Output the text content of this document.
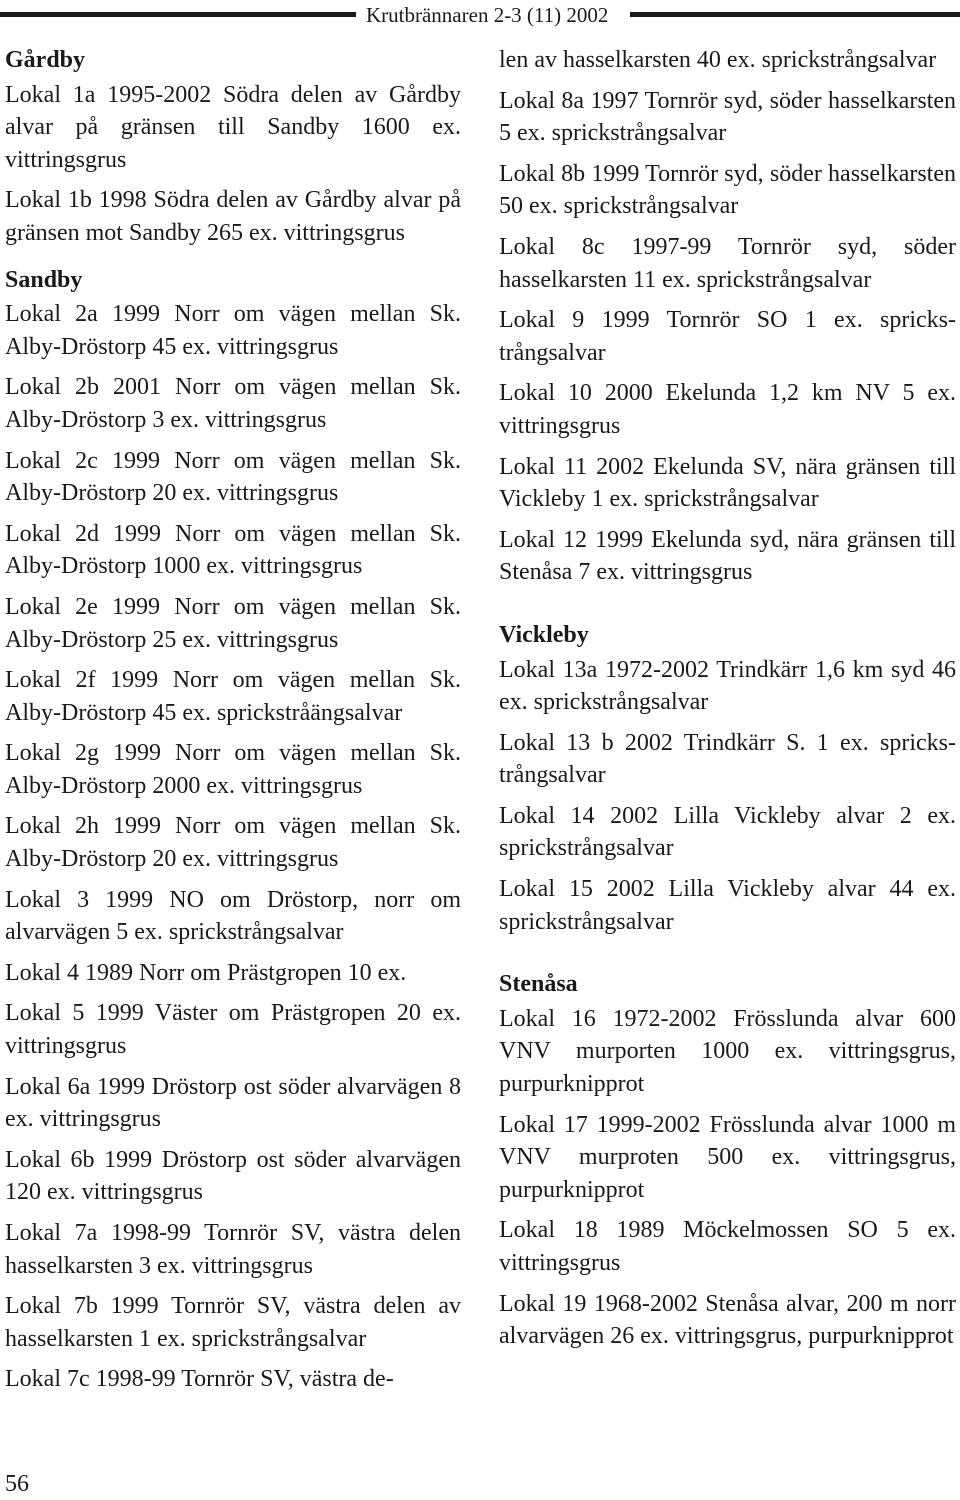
Krutbrännaren 2-3 (11) 2002
Gårdby

Lokal 1a 1995-2002 Södra delen av Gårdby alvar på gränsen till Sandby 1600 ex. vittringsgrus

Lokal 1b 1998 Södra delen av Gårdby alvar på gränsen mot Sandby 265 ex. vittringsgrus

Sandby

Lokal 2a 1999 Norr om vägen mellan Sk. Alby-Dröstorp 45 ex. vittringsgrus

Lokal 2b 2001 Norr om vägen mellan Sk. Alby-Dröstorp 3 ex. vittringsgrus

Lokal 2c 1999 Norr om vägen mellan Sk. Alby-Dröstorp 20 ex. vittringsgrus

Lokal 2d 1999 Norr om vägen mellan Sk. Alby-Dröstorp 1000 ex. vittringsgrus

Lokal 2e 1999 Norr om vägen mellan Sk. Alby-Dröstorp 25 ex. vittringsgrus

Lokal 2f 1999 Norr om vägen mellan Sk. Alby-Dröstorp 45 ex. sprickstråängsalvar

Lokal 2g 1999 Norr om vägen mellan Sk. Alby-Dröstorp 2000 ex. vittringsgrus

Lokal 2h 1999 Norr om vägen mellan Sk. Alby-Dröstorp 20 ex. vittringsgrus

Lokal 3 1999 NO om Dröstorp, norr om alvarvägen 5 ex. sprickstrångsalvar

Lokal 4 1989 Norr om Prästgropen 10 ex.

Lokal 5 1999 Väster om Prästgropen 20 ex. vittringsgrus

Lokal 6a 1999 Dröstorp ost söder alvarvägen 8 ex. vittringsgrus

Lokal 6b 1999 Dröstorp ost söder alvarvägen 120 ex. vittringsgrus

Lokal 7a 1998-99 Tornrör SV, västra delen hasselkarsten 3 ex. vittringsgrus

Lokal 7b 1999 Tornrör SV, västra delen av hasselkarsten 1 ex. sprickstrångsalvar

Lokal 7c 1998-99 Tornrör SV, västra de-

len av hasselkarsten 40 ex. sprickstrångsalvar

Lokal 8a 1997 Tornrör syd, söder hasselkarsten 5 ex. sprickstrångsalvar

Lokal 8b 1999 Tornrör syd, söder hasselkarsten 50 ex. sprickstrångsalvar

Lokal 8c 1997-99 Tornrör syd, söder hasselkarsten 11 ex. sprickstrångsalvar

Lokal 9 1999 Tornrör SO 1 ex. sprickstrångsalvar

Lokal 10 2000 Ekelunda 1,2 km NV 5 ex. vittringsgrus

Lokal 11 2002 Ekelunda SV, nära gränsen till Vickleby 1 ex. sprickstrångsalvar

Lokal 12 1999 Ekelunda syd, nära gränsen till Stenåsa 7 ex. vittringsgrus

Vickleby

Lokal 13a 1972-2002 Trindkärr 1,6 km syd 46 ex. sprickstrångsalvar

Lokal 13 b 2002 Trindkärr S. 1 ex. sprickstrångsalvar

Lokal 14 2002 Lilla Vickleby alvar 2 ex. sprickstrångsalvar

Lokal 15 2002 Lilla Vickleby alvar 44 ex. sprickstrångsalvar

Stenåsa

Lokal 16 1972-2002 Frösslunda alvar 600 VNV murporten 1000 ex. vittringsgrus, purpurknipprot

Lokal 17 1999-2002 Frösslunda alvar 1000 m VNV murproten 500 ex. vittringsgrus, purpurknipprot

Lokal 18 1989 Möckelmossen SO 5 ex. vittringsgrus

Lokal 19 1968-2002 Stenåsa alvar, 200 m norr alvarvägen 26 ex. vittringsgrus, purpurknipprot

56
